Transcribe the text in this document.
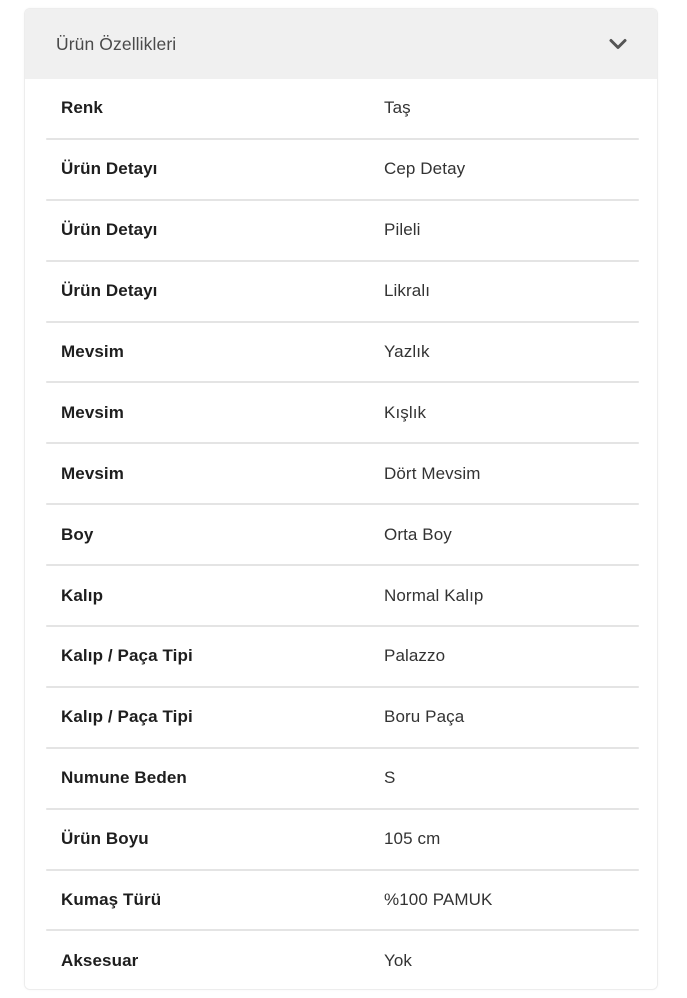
Ürün Özellikleri
Renk	Taş
Ürün Detayı	Cep Detay
Ürün Detayı	Pileli
Ürün Detayı	Likralı
Mevsim	Yazlık
Mevsim	Kışlık
Mevsim	Dört Mevsim
Boy	Orta Boy
Kalıp	Normal Kalıp
Kalıp / Paça Tipi	Palazzo
Kalıp / Paça Tipi	Boru Paça
Numune Beden	S
Ürün Boyu	105 cm
Kumaş Türü	%100 PAMUK
Aksesuar	Yok
